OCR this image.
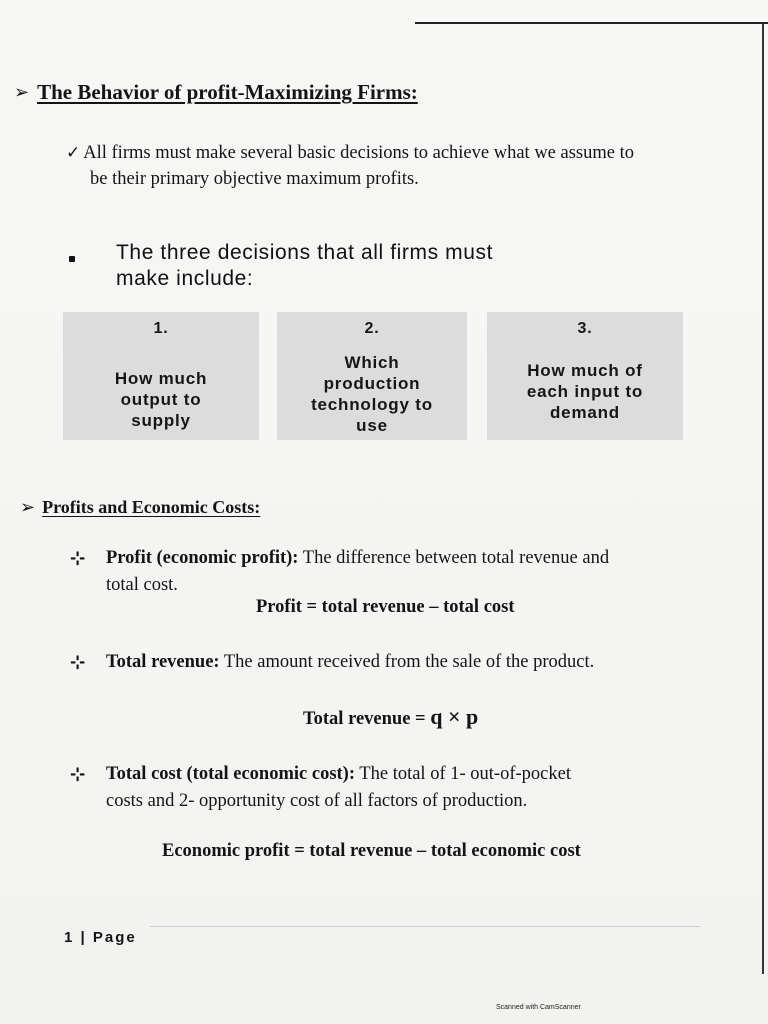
➢ The Behavior of profit-Maximizing Firms:
✓ All firms must make several basic decisions to achieve what we assume to
be their primary objective maximum profits.
The three decisions that all firms must
make include:
1.
How much
output to
supply
2.
Which
production
technology to
use
3.
How much of
each input to
demand
➢ Profits and Economic Costs:
⊹ Profit (economic profit): The difference between total revenue and
total cost.
Profit = total revenue – total cost
⊹ Total revenue: The amount received from the sale of the product.
Total revenue = q × p
⊹ Total cost (total economic cost): The total of 1- out-of-pocket
costs and 2- opportunity cost of all factors of production.
Economic profit = total revenue – total economic cost
1 | Page
Scanned with CamScanner
